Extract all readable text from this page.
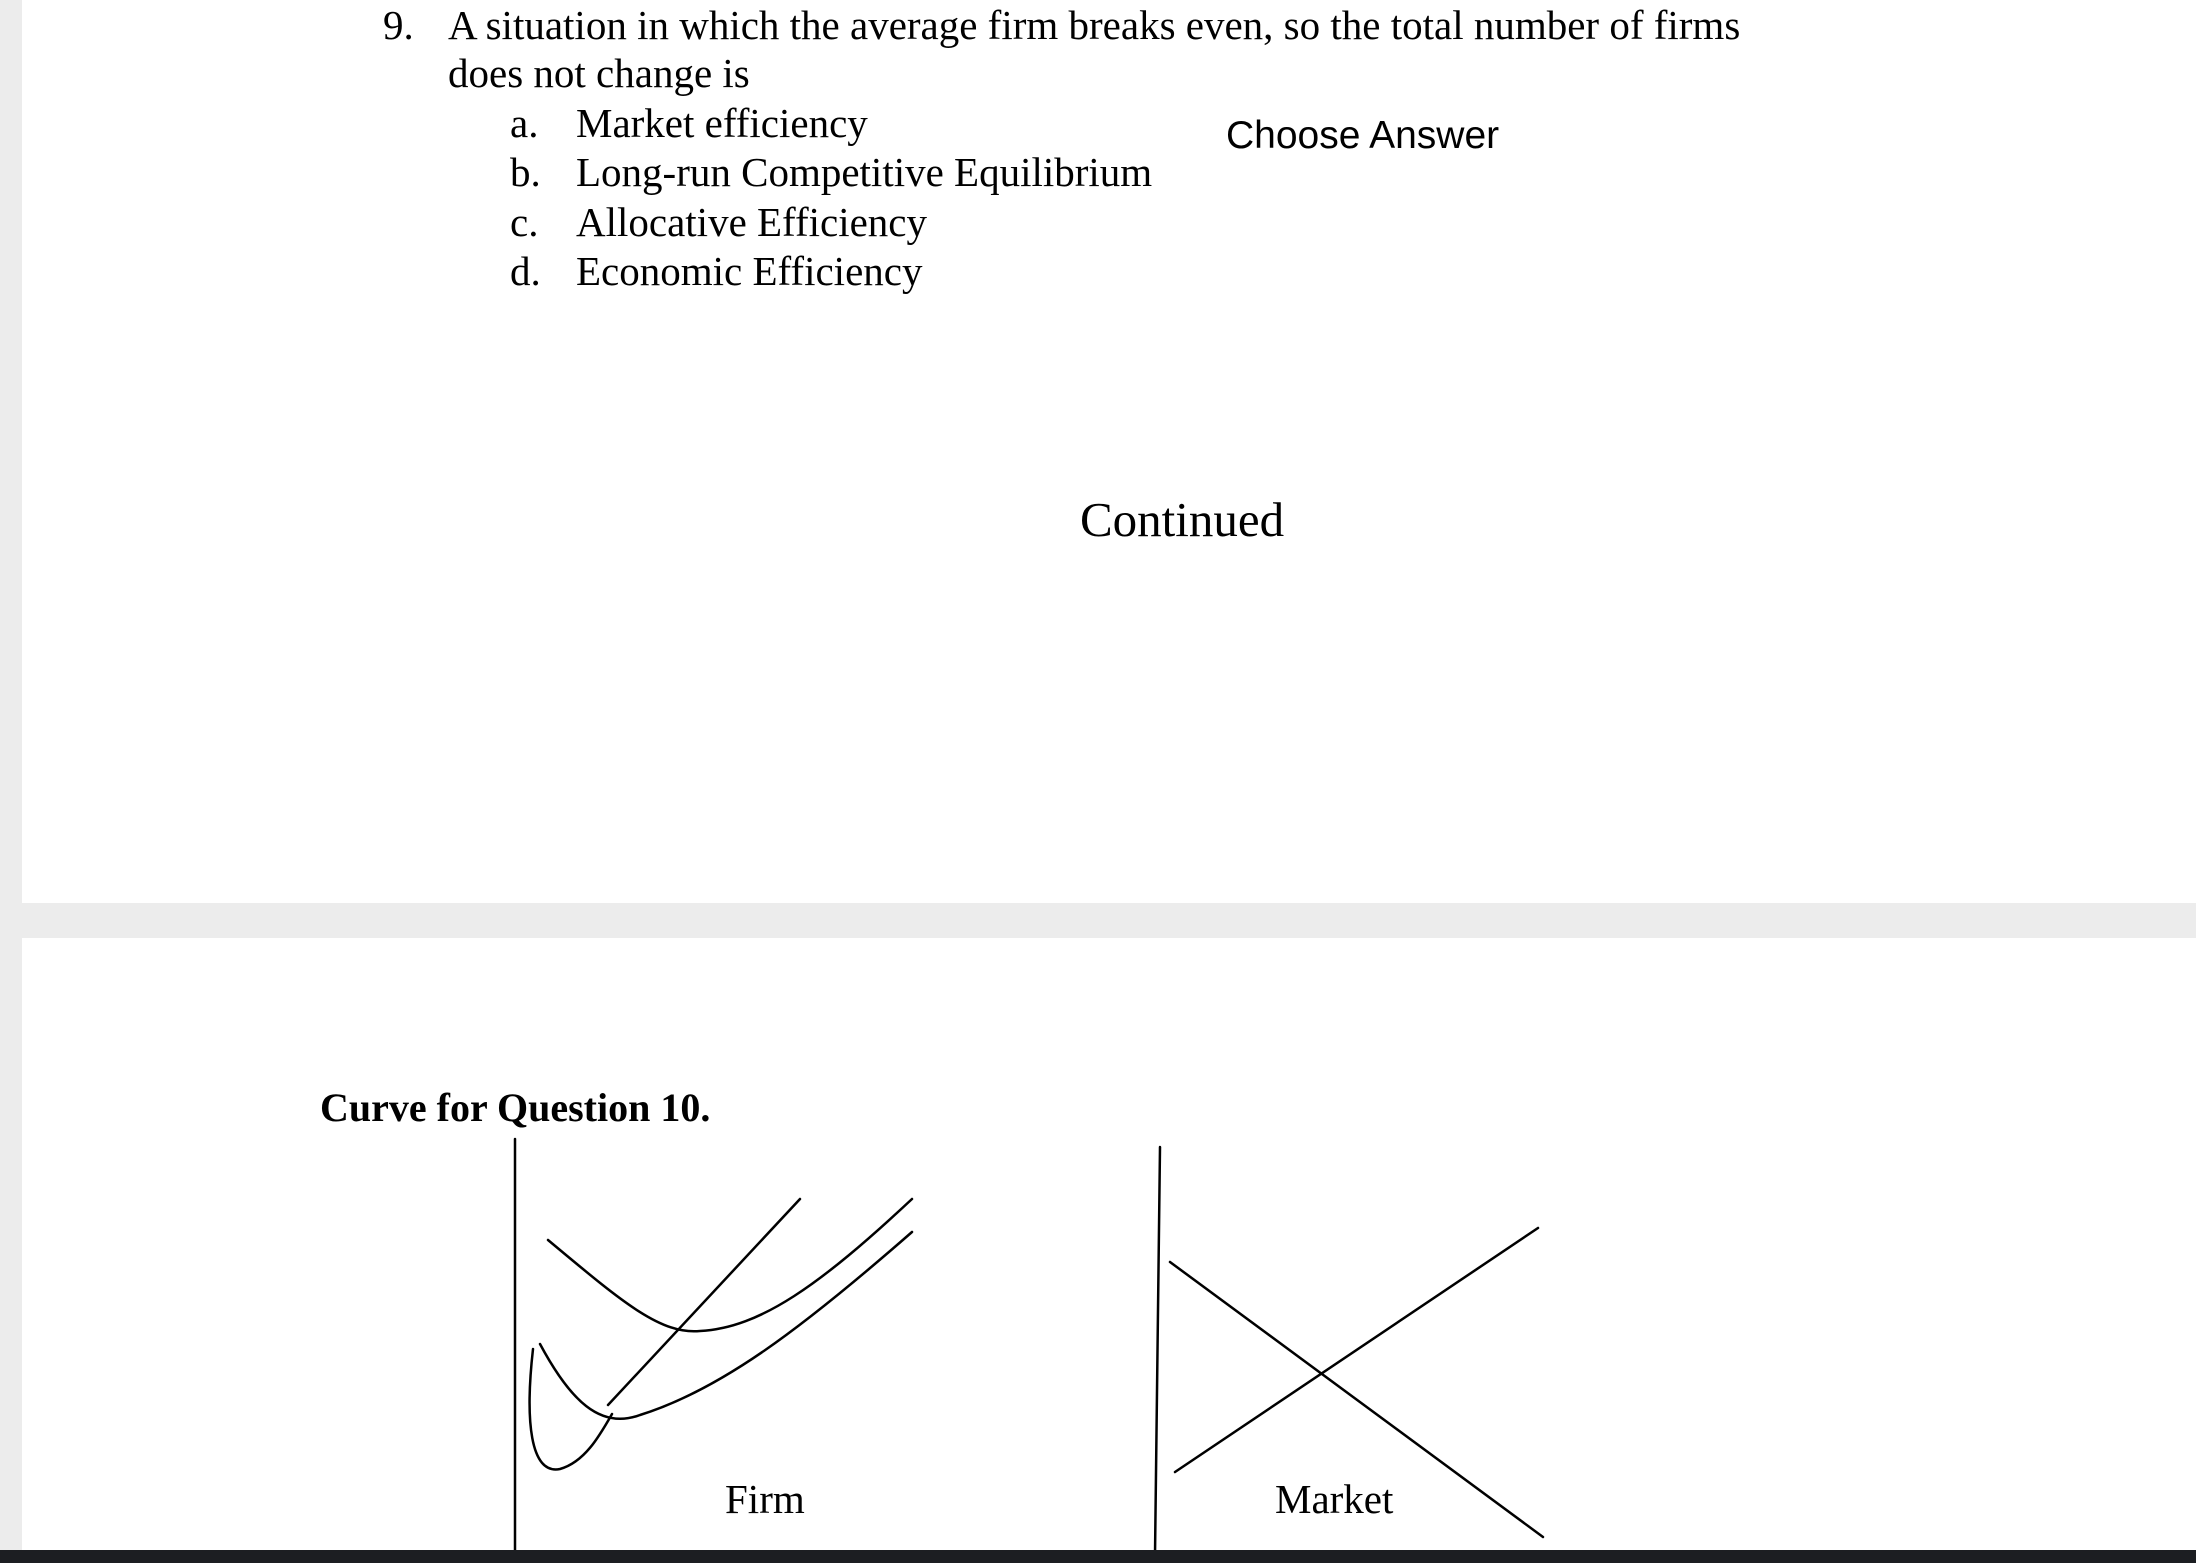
9. A situation in which the average firm breaks even, so the total number of firms
does not change is
a. Market efficiency
b. Long-run Competitive Equilibrium
c. Allocative Efficiency
d. Economic Efficiency
Choose Answer
Continued
Curve for Question 10.
Firm	Market
